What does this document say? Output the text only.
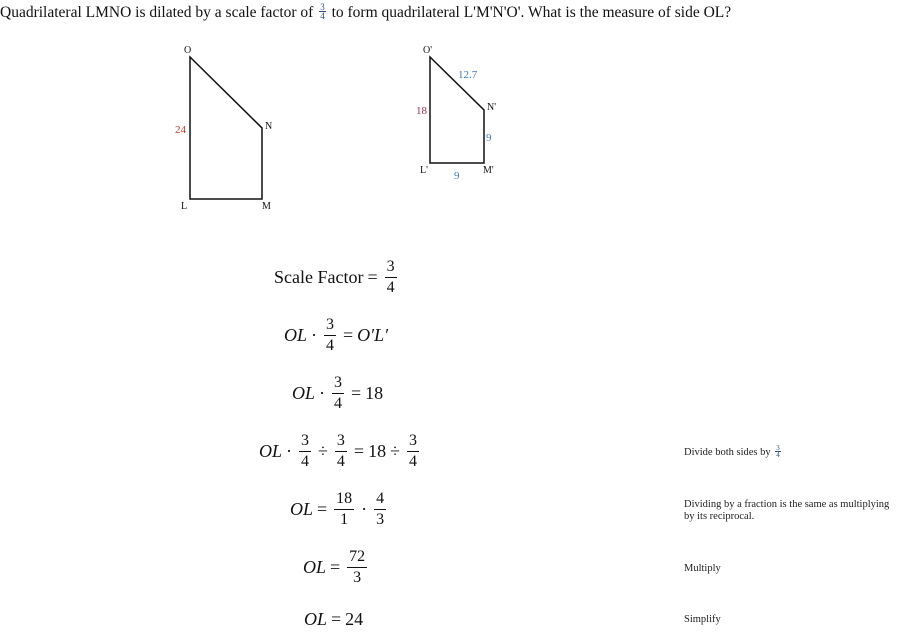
Quadrilateral LMNO is dilated by a scale factor of $\frac{3}{4}$ to form quadrilateral L'M'N'O'. What is the measure of side OL?
O
N
L	M
24
O'
N'
L'	M'
18
12.7
9
9
Scale Factor = $\frac{3}{4}$
OL · $\frac{3}{4} = O'L'$
OL · $\frac{3}{4} = 18$
OL · $\frac{3}{4} \div \frac{3}{4} = 18 \div \frac{3}{4}$
OL = $\frac{18}{1} \cdot \frac{4}{3}$
OL = $\frac{72}{3}$
OL = 24
Divide both sides by $\frac{3}{4}$
Dividing by a fraction is the same as multiplying by its reciprocal.
Multiply
Simplify
